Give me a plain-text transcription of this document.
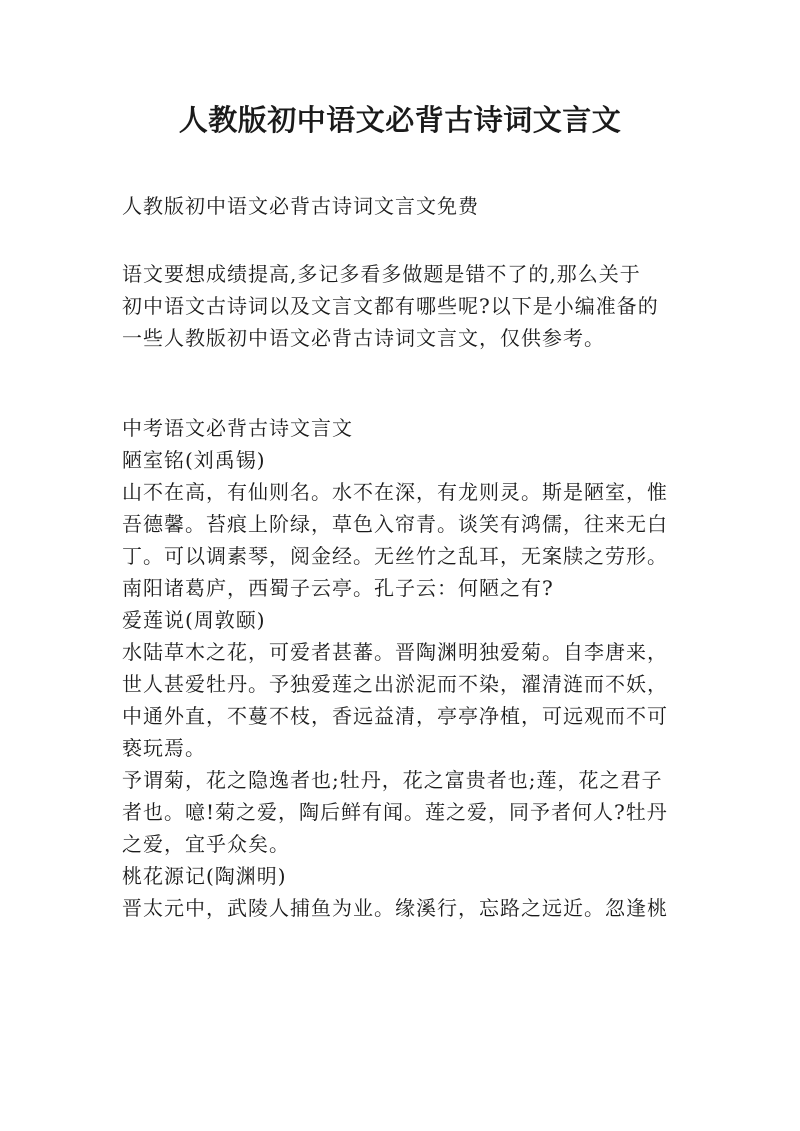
人教版初中语文必背古诗词文言文
人教版初中语文必背古诗词文言文免费
语文要想成绩提高,多记多看多做题是错不了的,那么关于
初中语文古诗词以及文言文都有哪些呢?以下是小编准备的
一些人教版初中语文必背古诗词文言文，仅供参考。
中考语文必背古诗文言文
陋室铭(刘禹锡)
山不在高，有仙则名。水不在深，有龙则灵。斯是陋室，惟
吾德馨。苔痕上阶绿，草色入帘青。谈笑有鸿儒，往来无白
丁。可以调素琴，阅金经。无丝竹之乱耳，无案牍之劳形。
南阳诸葛庐，西蜀子云亭。孔子云：何陋之有?
爱莲说(周敦颐)
水陆草木之花，可爱者甚蕃。晋陶渊明独爱菊。自李唐来，
世人甚爱牡丹。予独爱莲之出淤泥而不染，濯清涟而不妖，
中通外直，不蔓不枝，香远益清，亭亭净植，可远观而不可
亵玩焉。
予谓菊，花之隐逸者也;牡丹，花之富贵者也;莲，花之君子
者也。噫!菊之爱，陶后鲜有闻。莲之爱，同予者何人?牡丹
之爱，宜乎众矣。
桃花源记(陶渊明)
晋太元中，武陵人捕鱼为业。缘溪行，忘路之远近。忽逢桃
